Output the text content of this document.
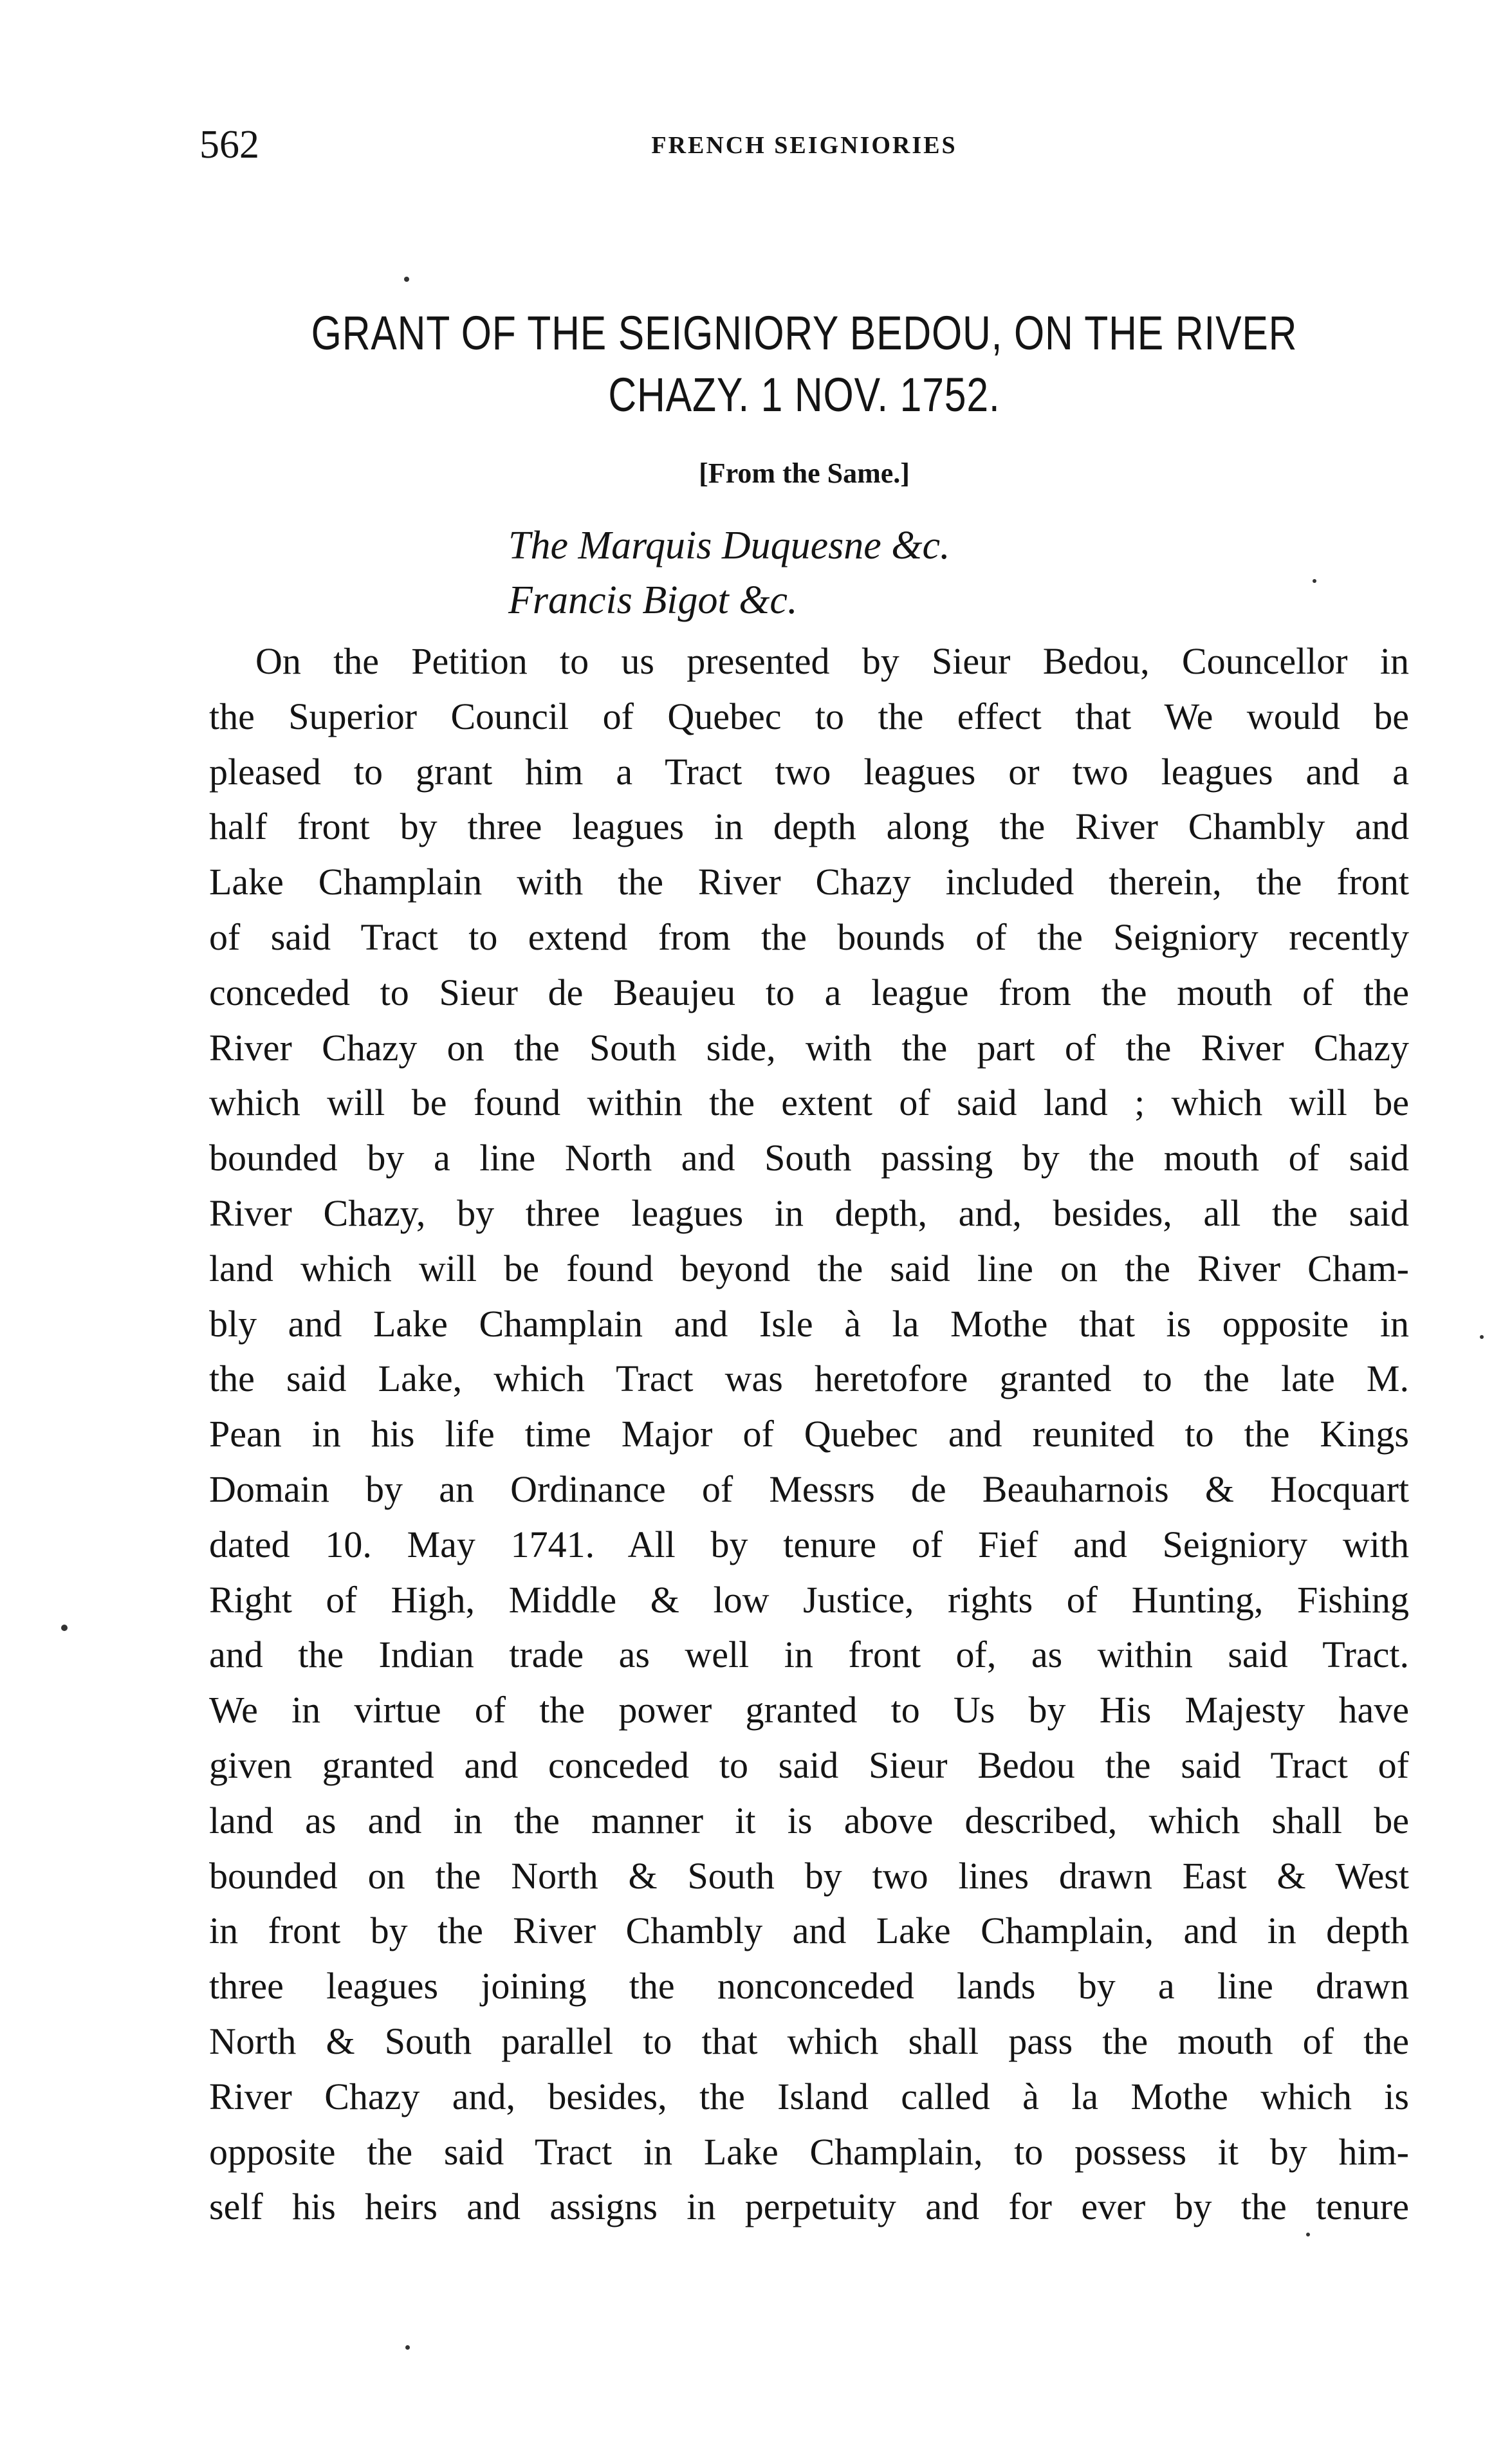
562	FRENCH SEIGNIORIES
GRANT OF THE SEIGNIORY BEDOU, ON THE RIVER
CHAZY. 1 NOV. 1752.
[From the Same.]
The Marquis Duquesne &c.
Francis Bigot &c.
On the Petition to us presented by Sieur Bedou, Councellor in
the Superior Council of Quebec to the effect that We would be
pleased to grant him a Tract two leagues or two leagues and a
half front by three leagues in depth along the River Chambly and
Lake Champlain with the River Chazy included therein, the front
of said Tract to extend from the bounds of the Seigniory recently
conceded to Sieur de Beaujeu to a league from the mouth of the
River Chazy on the South side, with the part of the River Chazy
which will be found within the extent of said land ; which will be
bounded by a line North and South passing by the mouth of said
River Chazy, by three leagues in depth, and, besides, all the said
land which will be found beyond the said line on the River Cham-
bly and Lake Champlain and Isle à la Mothe that is opposite in
the said Lake, which Tract was heretofore granted to the late M.
Pean in his life time Major of Quebec and reunited to the Kings
Domain by an Ordinance of Messrs de Beauharnois & Hocquart
dated 10. May 1741. All by tenure of Fief and Seigniory with
Right of High, Middle & low Justice, rights of Hunting, Fishing
and the Indian trade as well in front of, as within said Tract.
We in virtue of the power granted to Us by His Majesty have
given granted and conceded to said Sieur Bedou the said Tract of
land as and in the manner it is above described, which shall be
bounded on the North & South by two lines drawn East & West
in front by the River Chambly and Lake Champlain, and in depth
three leagues joining the nonconceded lands by a line drawn
North & South parallel to that which shall pass the mouth of the
River Chazy and, besides, the Island called à la Mothe which is
opposite the said Tract in Lake Champlain, to possess it by him-
self his heirs and assigns in perpetuity and for ever by the tenure
